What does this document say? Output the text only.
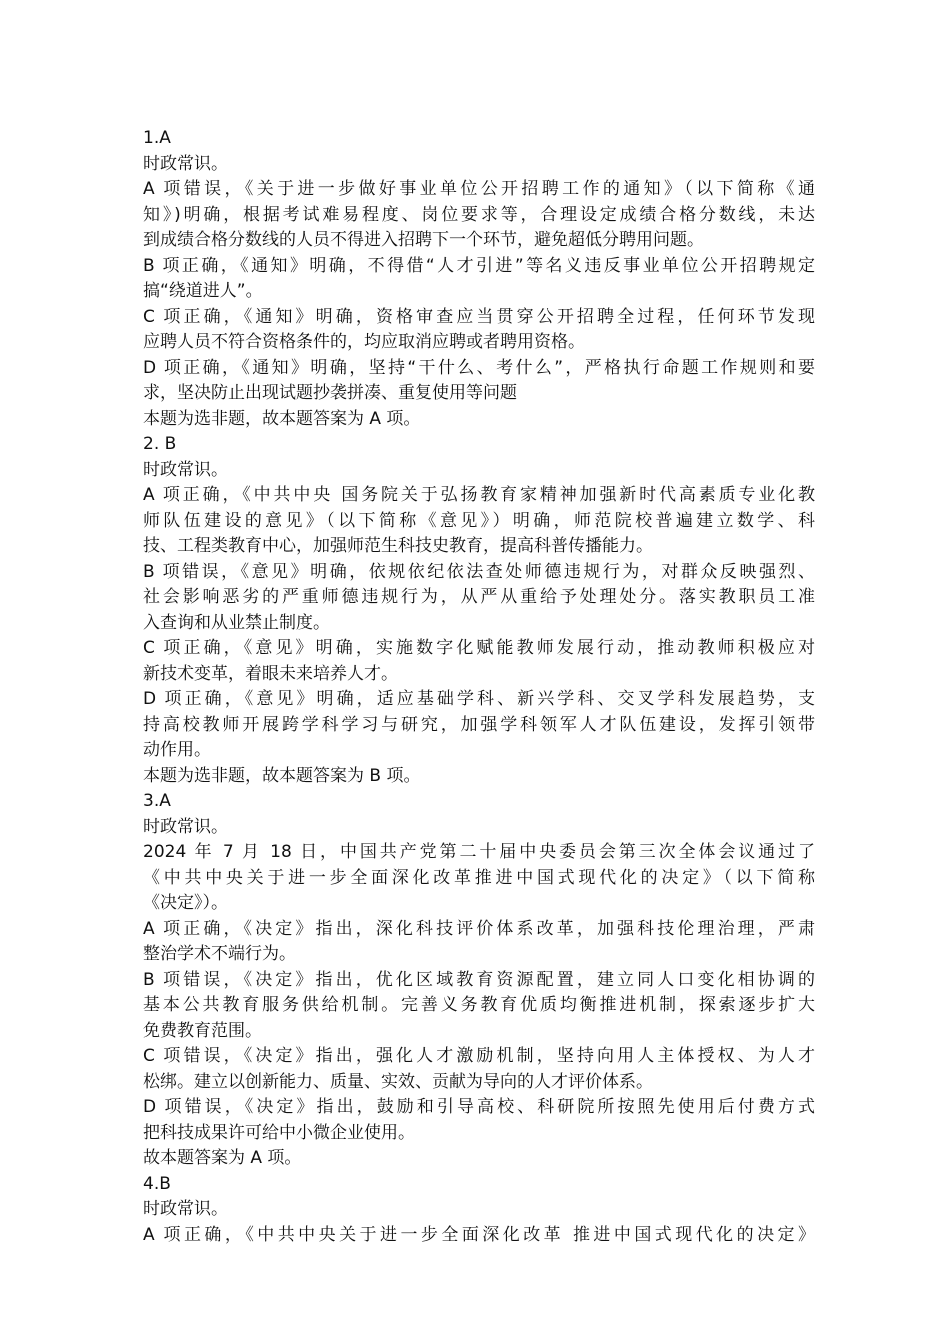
1.A
时政常识。
A 项错误，《关于进一步做好事业单位公开招聘工作的通知》（以下简称《通
知》)明确，根据考试难易程度、岗位要求等，合理设定成绩合格分数线，未达
到成绩合格分数线的人员不得进入招聘下一个环节，避免超低分聘用问题。
B 项正确，《通知》明确，不得借“人才引进”等名义违反事业单位公开招聘规定
搞“绕道进人”。
C 项正确，《通知》明确，资格审查应当贯穿公开招聘全过程，任何环节发现
应聘人员不符合资格条件的，均应取消应聘或者聘用资格。
D 项正确，《通知》明确，坚持“干什么、考什么”，严格执行命题工作规则和要
求，坚决防止出现试题抄袭拼凑、重复使用等问题
本题为选非题，故本题答案为 A 项。
2. B
时政常识。
A 项正确，《中共中央 国务院关于弘扬教育家精神加强新时代高素质专业化教
师队伍建设的意见》（以下简称《意见》）明确，师范院校普遍建立数学、科
技、工程类教育中心，加强师范生科技史教育，提高科普传播能力。
B 项错误，《意见》明确，依规依纪依法查处师德违规行为，对群众反映强烈、
社会影响恶劣的严重师德违规行为，从严从重给予处理处分。落实教职员工准
入查询和从业禁止制度。
C 项正确，《意见》明确，实施数字化赋能教师发展行动，推动教师积极应对
新技术变革，着眼未来培养人才。
D 项正确，《意见》明确，适应基础学科、新兴学科、交叉学科发展趋势，支
持高校教师开展跨学科学习与研究，加强学科领军人才队伍建设，发挥引领带
动作用。
本题为选非题，故本题答案为 B 项。
3.A
时政常识。
2024 年 7 月 18 日，中国共产党第二十届中央委员会第三次全体会议通过了
《中共中央关于进一步全面深化改革推进中国式现代化的决定》（以下简称
《决定》）。
A 项正确，《决定》指出，深化科技评价体系改革，加强科技伦理治理，严肃
整治学术不端行为。
B 项错误，《决定》指出，优化区域教育资源配置，建立同人口变化相协调的
基本公共教育服务供给机制。完善义务教育优质均衡推进机制，探索逐步扩大
免费教育范围。
C 项错误，《决定》指出，强化人才激励机制，坚持向用人主体授权、为人才
松绑。建立以创新能力、质量、实效、贡献为导向的人才评价体系。
D 项错误，《决定》指出，鼓励和引导高校、科研院所按照先使用后付费方式
把科技成果许可给中小微企业使用。
故本题答案为 A 项。
4.B
时政常识。
A 项正确，《中共中央关于进一步全面深化改革 推进中国式现代化的决定》
